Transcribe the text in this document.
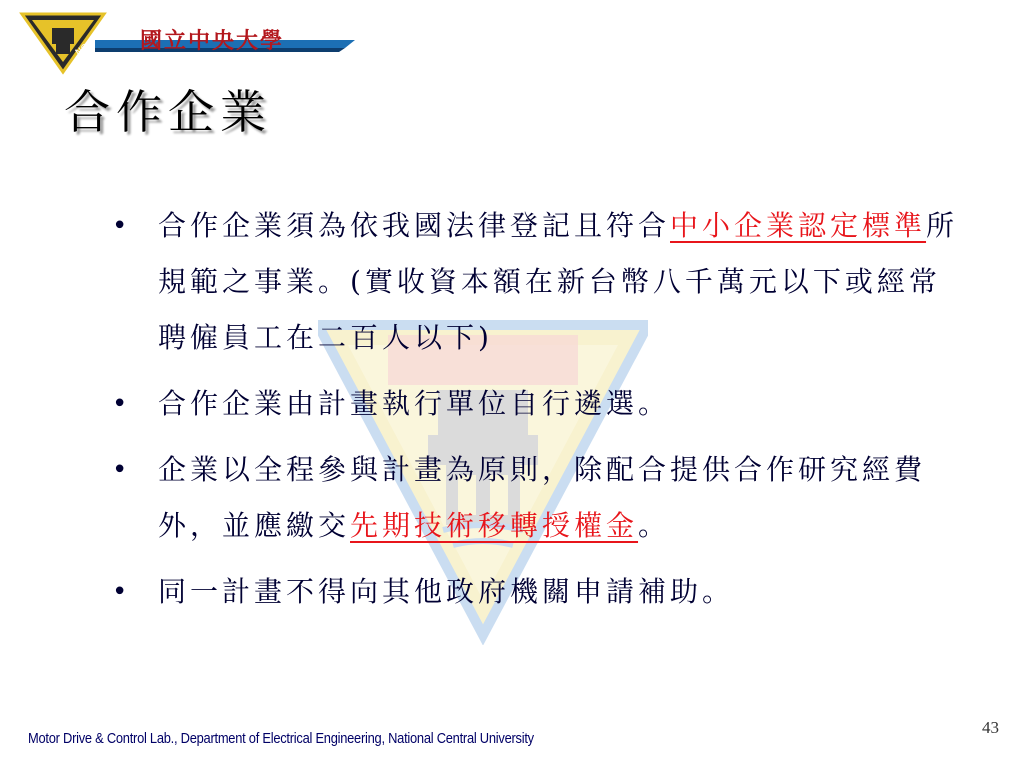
NCU 國立中央大學
合作企業
• 合作企業須為依我國法律登記且符合中小企業認定標準所規範之事業。(實收資本額在新台幣八千萬元以下或經常聘僱員工在二百人以下)
• 合作企業由計畫執行單位自行遴選。
• 企業以全程參與計畫為原則，除配合提供合作研究經費外，並應繳交先期技術移轉授權金。
• 同一計畫不得向其他政府機關申請補助。
Motor Drive & Control Lab., Department of Electrical Engineering, National Central University
43
